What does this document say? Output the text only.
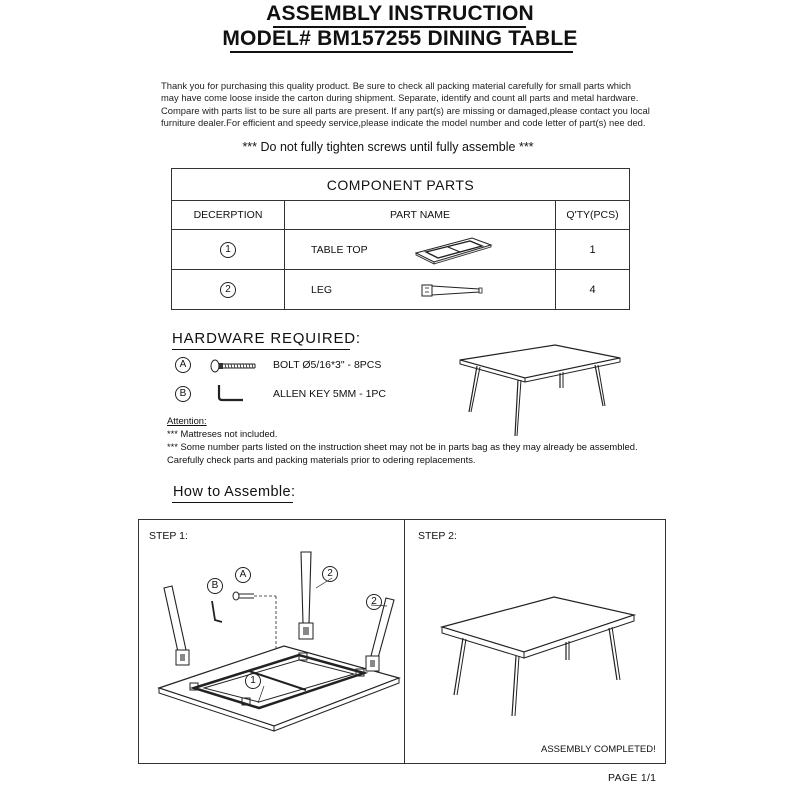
ASSEMBLY INSTRUCTION
MODEL# BM157255 DINING TABLE
Thank you for purchasing this quality product. Be sure to check all packing material carefully for small parts which may have come loose inside the carton during shipment. Separate, identify and count all parts and metal hardware. Compare with parts list to be sure all parts are present. If any part(s) are missing or damaged,please contact you local furniture dealer.For efficient and speedy service,please indicate the model number and code letter of part(s) nee ded.
*** Do not fully tighten screws until fully assemble ***
COMPONENT PARTS		
DECERPTION	PART NAME	Q'TY(PCS)
1	TABLE TOP	1
2	LEG	4
HARDWARE REQUIRED:
A	BOLT Ø5/16*3" - 8PCS
B	ALLEN KEY 5MM - 1PC
Attention:
*** Mattreses not included.
*** Some number parts listed on the instruction sheet may not be in parts bag as they may already be assembled.
Carefully check parts and packing materials prior to odering replacements.
How to Assemble:
STEP 1:	STEP 2:
B
A	2
2
1
ASSEMBLY COMPLETED!
PAGE 1/1
